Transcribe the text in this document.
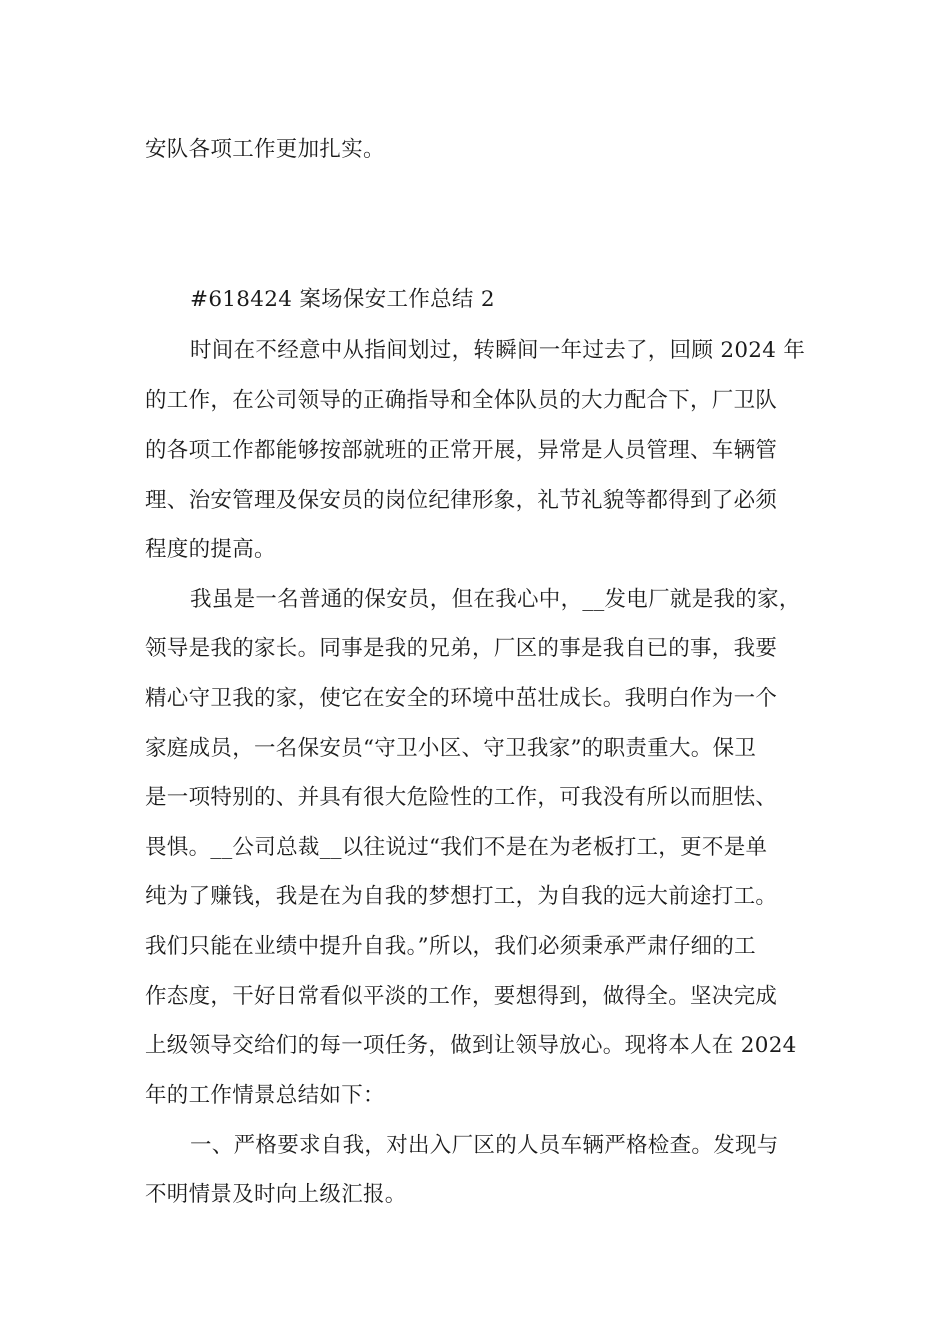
安队各项工作更加扎实。
#618424 案场保安工作总结 2
时间在不经意中从指间划过，转瞬间一年过去了，回顾 2024 年
的工作，在公司领导的正确指导和全体队员的大力配合下，厂卫队
的各项工作都能够按部就班的正常开展，异常是人员管理、车辆管
理、治安管理及保安员的岗位纪律形象，礼节礼貌等都得到了必须
程度的提高。
我虽是一名普通的保安员，但在我心中，__发电厂就是我的家，
领导是我的家长。同事是我的兄弟，厂区的事是我自已的事，我要
精心守卫我的家，使它在安全的环境中茁壮成长。我明白作为一个
家庭成员，一名保安员“守卫小区、守卫我家”的职责重大。保卫
是一项特别的、并具有很大危险性的工作，可我没有所以而胆怯、
畏惧。__公司总裁__以往说过“我们不是在为老板打工，更不是单
纯为了赚钱，我是在为自我的梦想打工，为自我的远大前途打工。
我们只能在业绩中提升自我。”所以，我们必须秉承严肃仔细的工
作态度，干好日常看似平淡的工作，要想得到，做得全。坚决完成
上级领导交给们的每一项任务，做到让领导放心。现将本人在 2024
年的工作情景总结如下：
一、严格要求自我，对出入厂区的人员车辆严格检查。发现与
不明情景及时向上级汇报。
